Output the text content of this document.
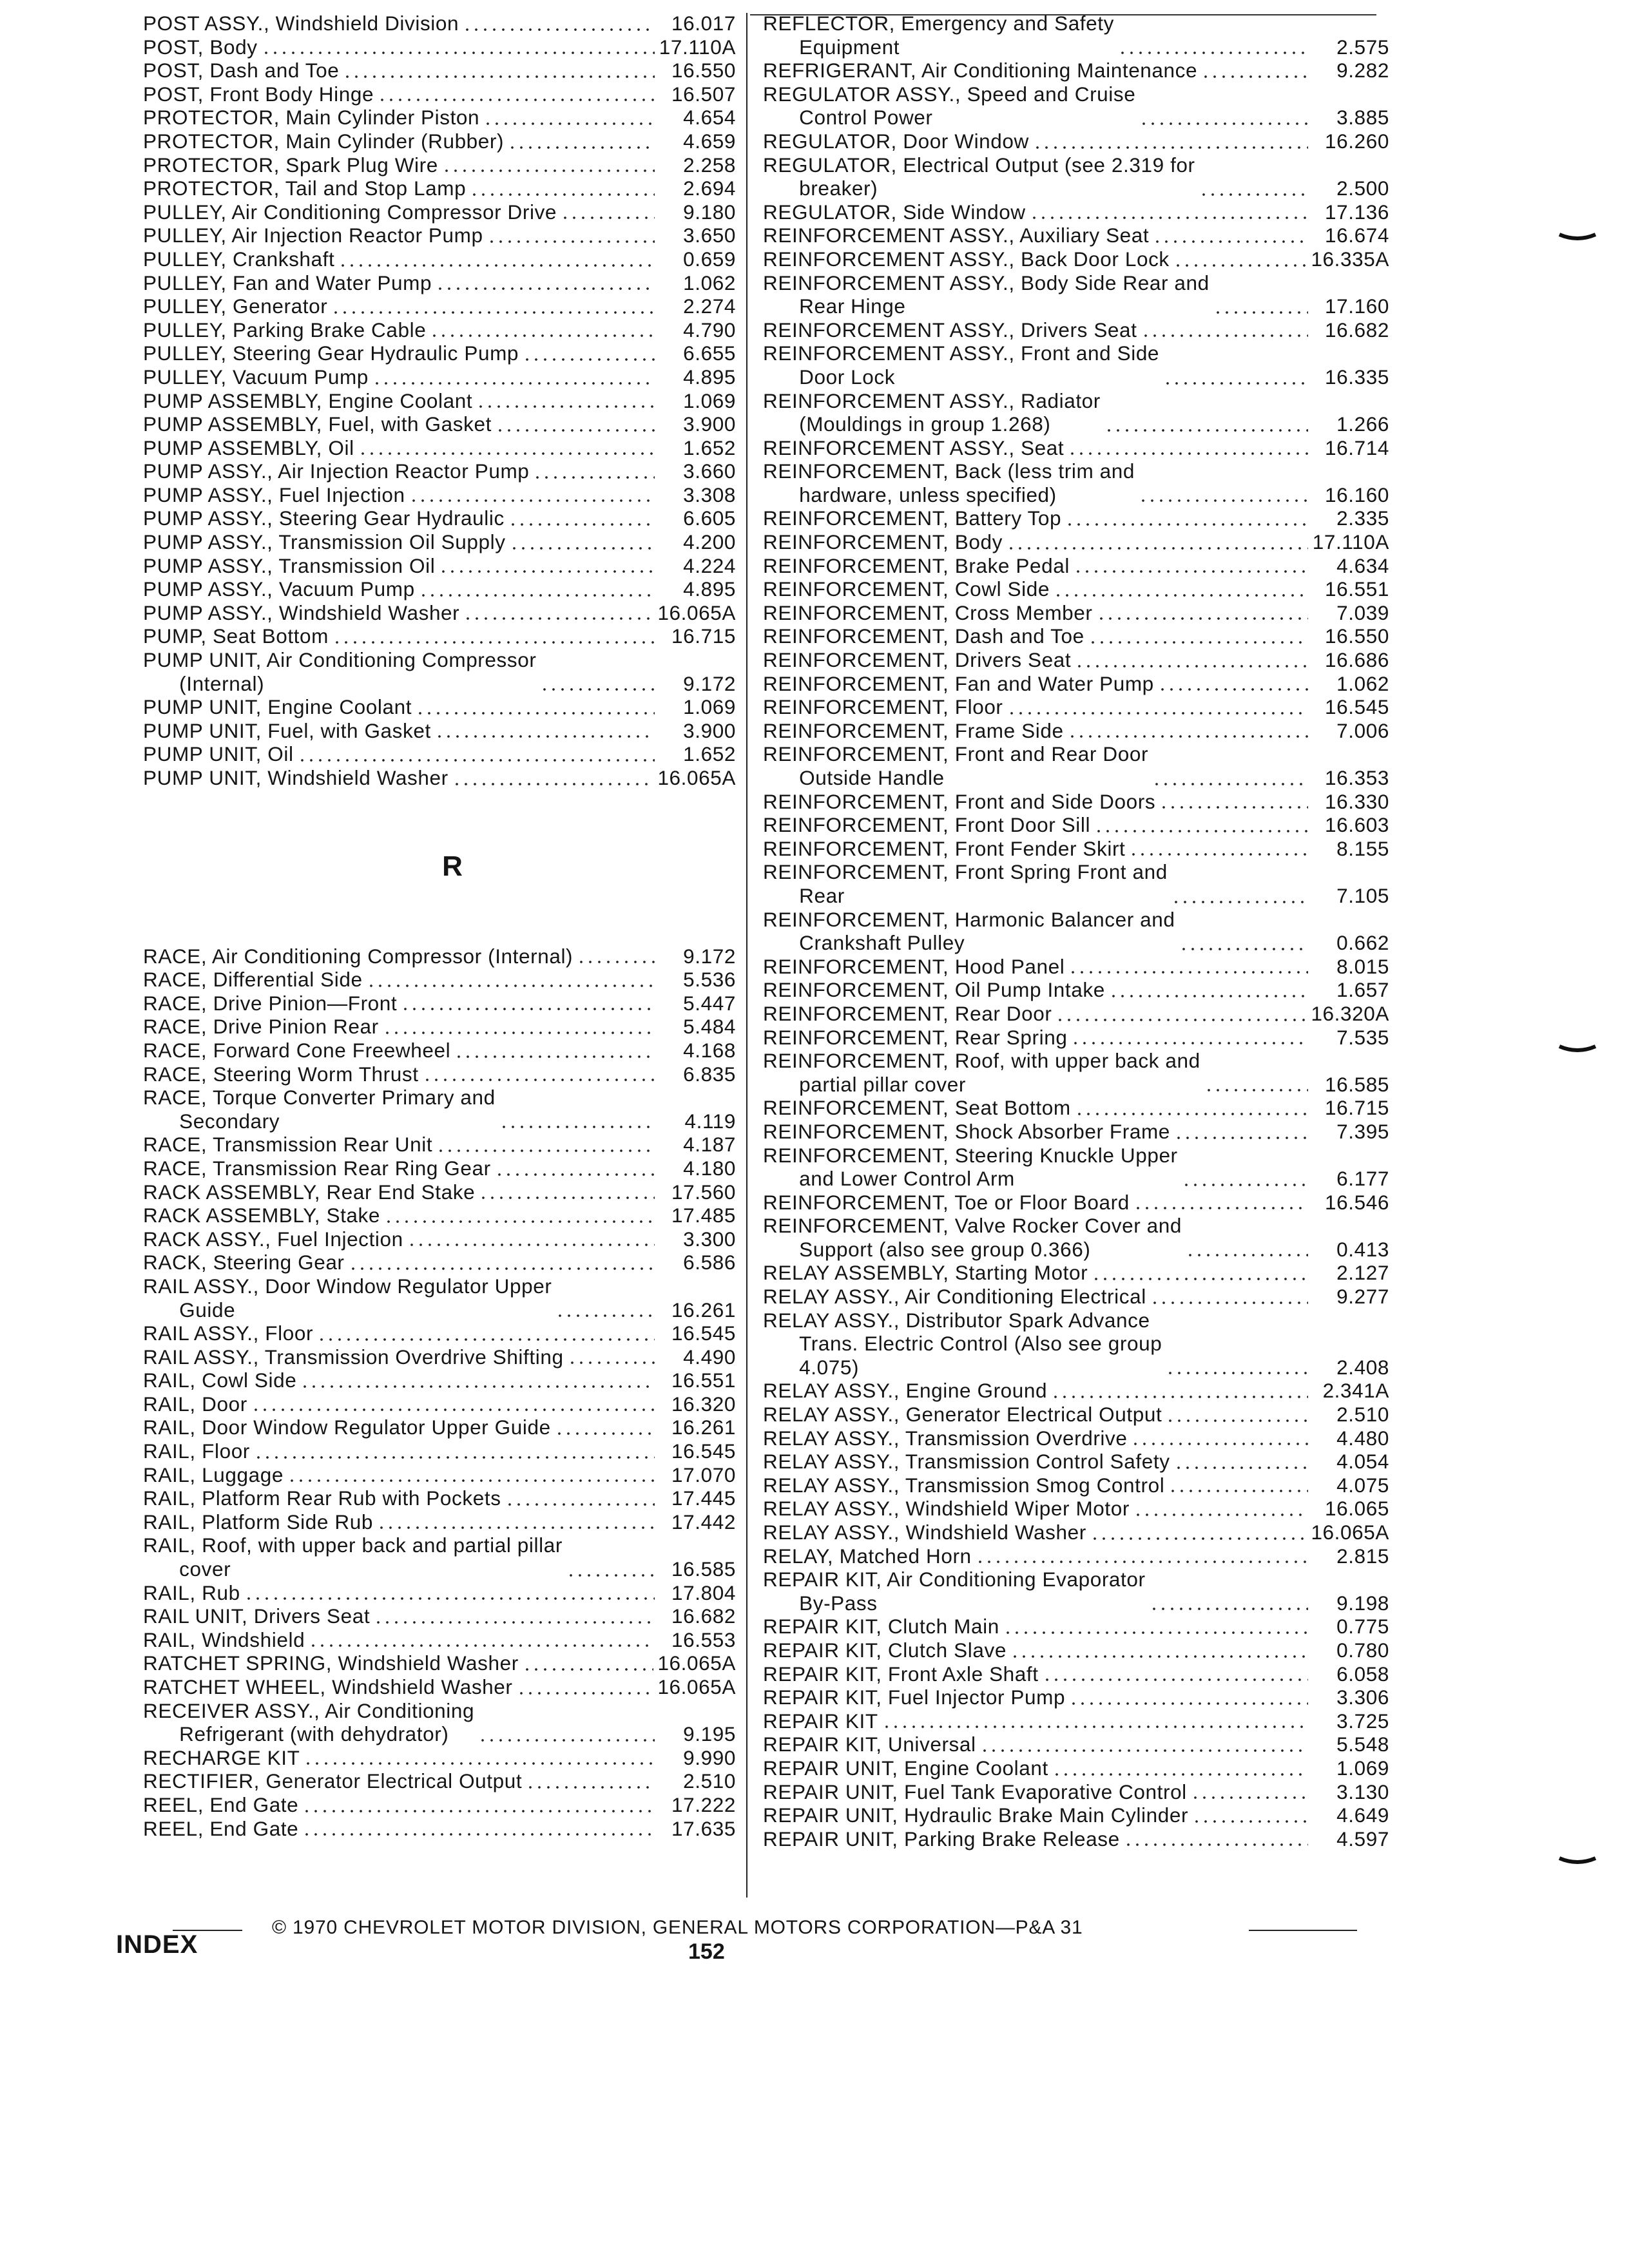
POST ASSY., Windshield Division	16.017
POST, Body	17.110A
POST, Dash and Toe	16.550
POST, Front Body Hinge	16.507
PROTECTOR, Main Cylinder Piston	4.654
PROTECTOR, Main Cylinder (Rubber)	4.659
PROTECTOR, Spark Plug Wire	2.258
PROTECTOR, Tail and Stop Lamp	2.694
PULLEY, Air Conditioning Compressor Drive	9.180
PULLEY, Air Injection Reactor Pump	3.650
PULLEY, Crankshaft	0.659
PULLEY, Fan and Water Pump	1.062
PULLEY, Generator	2.274
PULLEY, Parking Brake Cable	4.790
PULLEY, Steering Gear Hydraulic Pump	6.655
PULLEY, Vacuum Pump	4.895
PUMP ASSEMBLY, Engine Coolant	1.069
PUMP ASSEMBLY, Fuel, with Gasket	3.900
PUMP ASSEMBLY, Oil	1.652
PUMP ASSY., Air Injection Reactor Pump	3.660
PUMP ASSY., Fuel Injection	3.308
PUMP ASSY., Steering Gear Hydraulic	6.605
PUMP ASSY., Transmission Oil Supply	4.200
PUMP ASSY., Transmission Oil	4.224
PUMP ASSY., Vacuum Pump	4.895
PUMP ASSY., Windshield Washer	16.065A
PUMP, Seat Bottom	16.715
PUMP UNIT, Air Conditioning Compressor
(Internal)	9.172
PUMP UNIT, Engine Coolant	1.069
PUMP UNIT, Fuel, with Gasket	3.900
PUMP UNIT, Oil	1.652
PUMP UNIT, Windshield Washer	16.065A
R
RACE, Air Conditioning Compressor (Internal)	9.172
RACE, Differential Side	5.536
RACE, Drive Pinion—Front	5.447
RACE, Drive Pinion Rear	5.484
RACE, Forward Cone Freewheel	4.168
RACE, Steering Worm Thrust	6.835
RACE, Torque Converter Primary and
Secondary	4.119
RACE, Transmission Rear Unit	4.187
RACE, Transmission Rear Ring Gear	4.180
RACK ASSEMBLY, Rear End Stake	17.560
RACK ASSEMBLY, Stake	17.485
RACK ASSY., Fuel Injection	3.300
RACK, Steering Gear	6.586
RAIL ASSY., Door Window Regulator Upper
Guide	16.261
RAIL ASSY., Floor	16.545
RAIL ASSY., Transmission Overdrive Shifting	4.490
RAIL, Cowl Side	16.551
RAIL, Door	16.320
RAIL, Door Window Regulator Upper Guide	16.261
RAIL, Floor	16.545
RAIL, Luggage	17.070
RAIL, Platform Rear Rub with Pockets	17.445
RAIL, Platform Side Rub	17.442
RAIL, Roof, with upper back and partial pillar
cover	16.585
RAIL, Rub	17.804
RAIL UNIT, Drivers Seat	16.682
RAIL, Windshield	16.553
RATCHET SPRING, Windshield Washer	16.065A
RATCHET WHEEL, Windshield Washer	16.065A
RECEIVER ASSY., Air Conditioning
Refrigerant (with dehydrator)	9.195
RECHARGE KIT	9.990
RECTIFIER, Generator Electrical Output	2.510
REEL, End Gate	17.222
REEL, End Gate	17.635
REFLECTOR, Emergency and Safety
Equipment	2.575
REFRIGERANT, Air Conditioning Maintenance	9.282
REGULATOR ASSY., Speed and Cruise
Control Power	3.885
REGULATOR, Door Window	16.260
REGULATOR, Electrical Output (see 2.319 for
breaker)	2.500
REGULATOR, Side Window	17.136
REINFORCEMENT ASSY., Auxiliary Seat	16.674
REINFORCEMENT ASSY., Back Door Lock	16.335A
REINFORCEMENT ASSY., Body Side Rear and
Rear Hinge	17.160
REINFORCEMENT ASSY., Drivers Seat	16.682
REINFORCEMENT ASSY., Front and Side
Door Lock	16.335
REINFORCEMENT ASSY., Radiator
(Mouldings in group 1.268)	1.266
REINFORCEMENT ASSY., Seat	16.714
REINFORCEMENT, Back (less trim and
hardware, unless specified)	16.160
REINFORCEMENT, Battery Top	2.335
REINFORCEMENT, Body	17.110A
REINFORCEMENT, Brake Pedal	4.634
REINFORCEMENT, Cowl Side	16.551
REINFORCEMENT, Cross Member	7.039
REINFORCEMENT, Dash and Toe	16.550
REINFORCEMENT, Drivers Seat	16.686
REINFORCEMENT, Fan and Water Pump	1.062
REINFORCEMENT, Floor	16.545
REINFORCEMENT, Frame Side	7.006
REINFORCEMENT, Front and Rear Door
Outside Handle	16.353
REINFORCEMENT, Front and Side Doors	16.330
REINFORCEMENT, Front Door Sill	16.603
REINFORCEMENT, Front Fender Skirt	8.155
REINFORCEMENT, Front Spring Front and
Rear	7.105
REINFORCEMENT, Harmonic Balancer and
Crankshaft Pulley	0.662
REINFORCEMENT, Hood Panel	8.015
REINFORCEMENT, Oil Pump Intake	1.657
REINFORCEMENT, Rear Door	16.320A
REINFORCEMENT, Rear Spring	7.535
REINFORCEMENT, Roof, with upper back and
partial pillar cover	16.585
REINFORCEMENT, Seat Bottom	16.715
REINFORCEMENT, Shock Absorber Frame	7.395
REINFORCEMENT, Steering Knuckle Upper
and Lower Control Arm	6.177
REINFORCEMENT, Toe or Floor Board	16.546
REINFORCEMENT, Valve Rocker Cover and
Support (also see group 0.366)	0.413
RELAY ASSEMBLY, Starting Motor	2.127
RELAY ASSY., Air Conditioning Electrical	9.277
RELAY ASSY., Distributor Spark Advance
Trans. Electric Control (Also see group
4.075)	2.408
RELAY ASSY., Engine Ground	2.341A
RELAY ASSY., Generator Electrical Output	2.510
RELAY ASSY., Transmission Overdrive	4.480
RELAY ASSY., Transmission Control Safety	4.054
RELAY ASSY., Transmission Smog Control	4.075
RELAY ASSY., Windshield Wiper Motor	16.065
RELAY ASSY., Windshield Washer	16.065A
RELAY, Matched Horn	2.815
REPAIR KIT, Air Conditioning Evaporator
By-Pass	9.198
REPAIR KIT, Clutch Main	0.775
REPAIR KIT, Clutch Slave	0.780
REPAIR KIT, Front Axle Shaft	6.058
REPAIR KIT, Fuel Injector Pump	3.306
REPAIR KIT	3.725
REPAIR KIT, Universal	5.548
REPAIR UNIT, Engine Coolant	1.069
REPAIR UNIT, Fuel Tank Evaporative Control	3.130
REPAIR UNIT, Hydraulic Brake Main Cylinder	4.649
REPAIR UNIT, Parking Brake Release	4.597
INDEX
© 1970 CHEVROLET MOTOR DIVISION, GENERAL MOTORS CORPORATION—P&A 31
152
